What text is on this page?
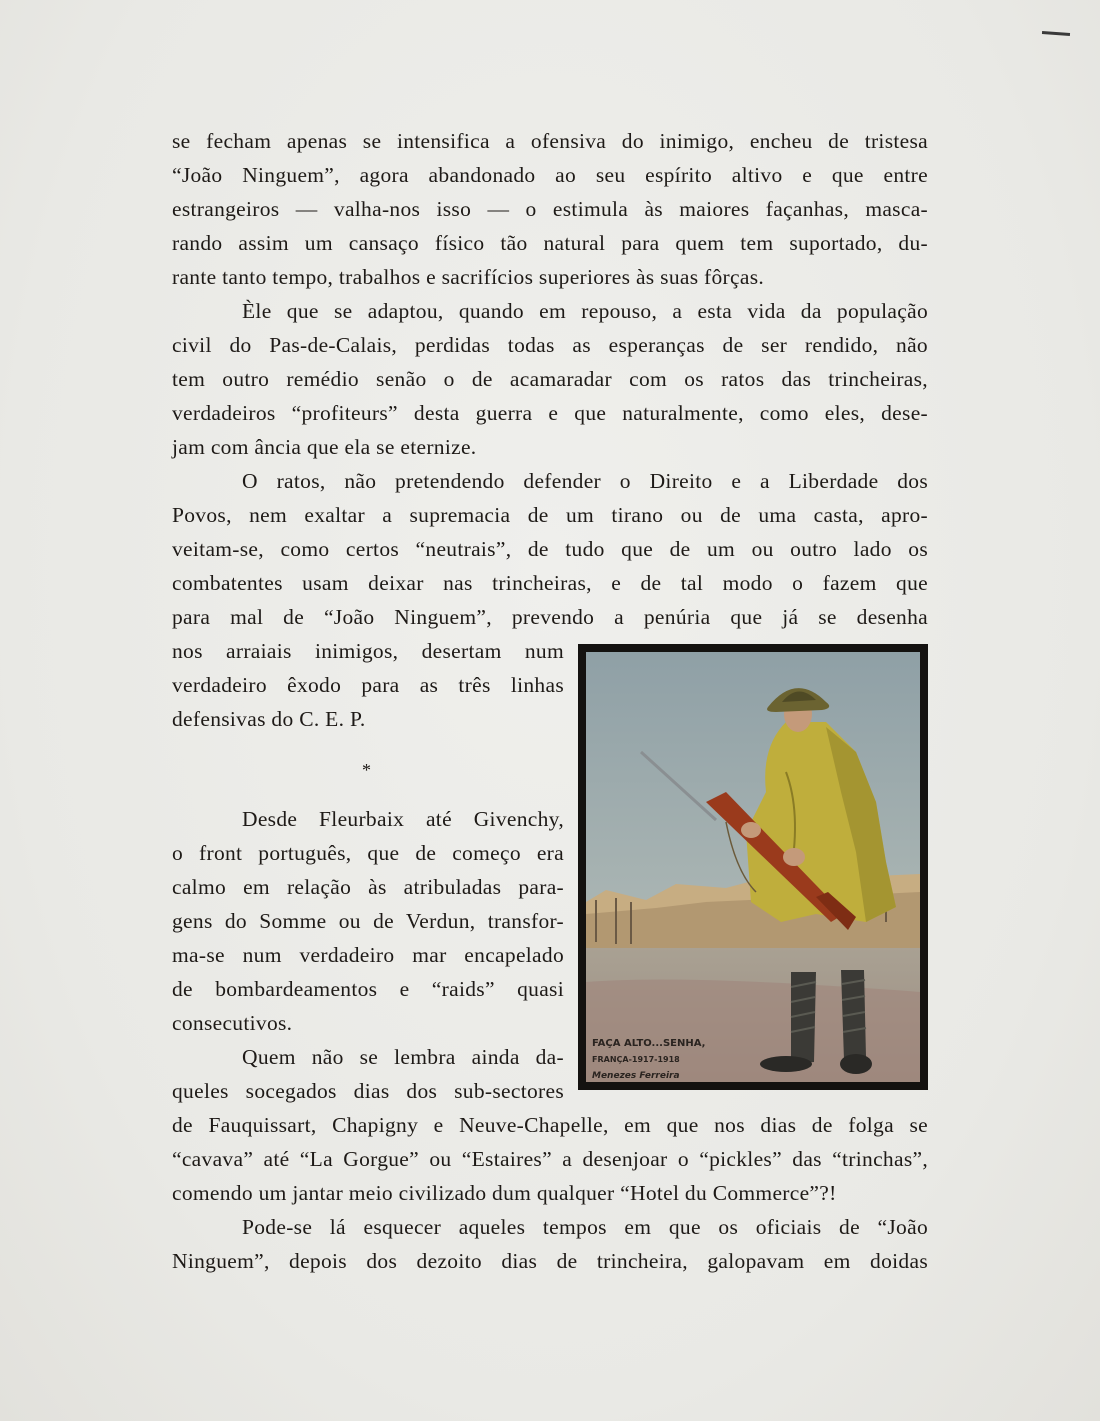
se fecham apenas se intensifica a ofensiva do inimigo, encheu de tristesa
“João Ninguem”, agora abandonado ao seu espírito altivo e que entre
estrangeiros — valha-nos isso — o estimula às maiores façanhas, masca-
rando assim um cansaço físico tão natural para quem tem suportado, du-
rante tanto tempo, trabalhos e sacrifícios superiores às suas fôrças.
Èle que se adaptou, quando em repouso, a esta vida da população
civil do Pas-de-Calais, perdidas todas as esperanças de ser rendido, não
tem outro remédio senão o de acamaradar com os ratos das trincheiras,
verdadeiros “profiteurs” desta guerra e que naturalmente, como eles, dese-
jam com ância que ela se eternize.
O ratos, não pretendendo defender o Direito e a Liberdade dos
Povos, nem exaltar a supremacia de um tirano ou de uma casta, apro-
veitam-se, como certos “neutrais”, de tudo que de um ou outro lado os
combatentes usam deixar nas trincheiras, e de tal modo o fazem que
para mal de “João Ninguem”, prevendo a penúria que já se desenha
nos arraiais inimigos, desertam num
verdadeiro êxodo para as três linhas
defensivas do C. E. P.
*
Desde Fleurbaix até Givenchy,
o front português, que de começo era
calmo em relação às atribuladas para-
gens do Somme ou de Verdun, transfor-
ma-se num verdadeiro mar encapelado
de bombardeamentos e “raids” quasi
consecutivos.
Quem não se lembra ainda da-
queles socegados dias dos sub-sectores
de Fauquissart, Chapigny e Neuve-Chapelle, em que nos dias de folga se
“cavava” até “La Gorgue” ou “Estaires” a desenjoar o “pickles” das “trinchas”,
comendo um jantar meio civilizado dum qualquer “Hotel du Commerce”?!
Pode-se lá esquecer aqueles tempos em que os oficiais de “João
Ninguem”, depois dos dezoito dias de trincheira, galopavam em doidas
FAÇA ALTO...SENHA,
FRANÇA-1917-1918
Menezes Ferreira
